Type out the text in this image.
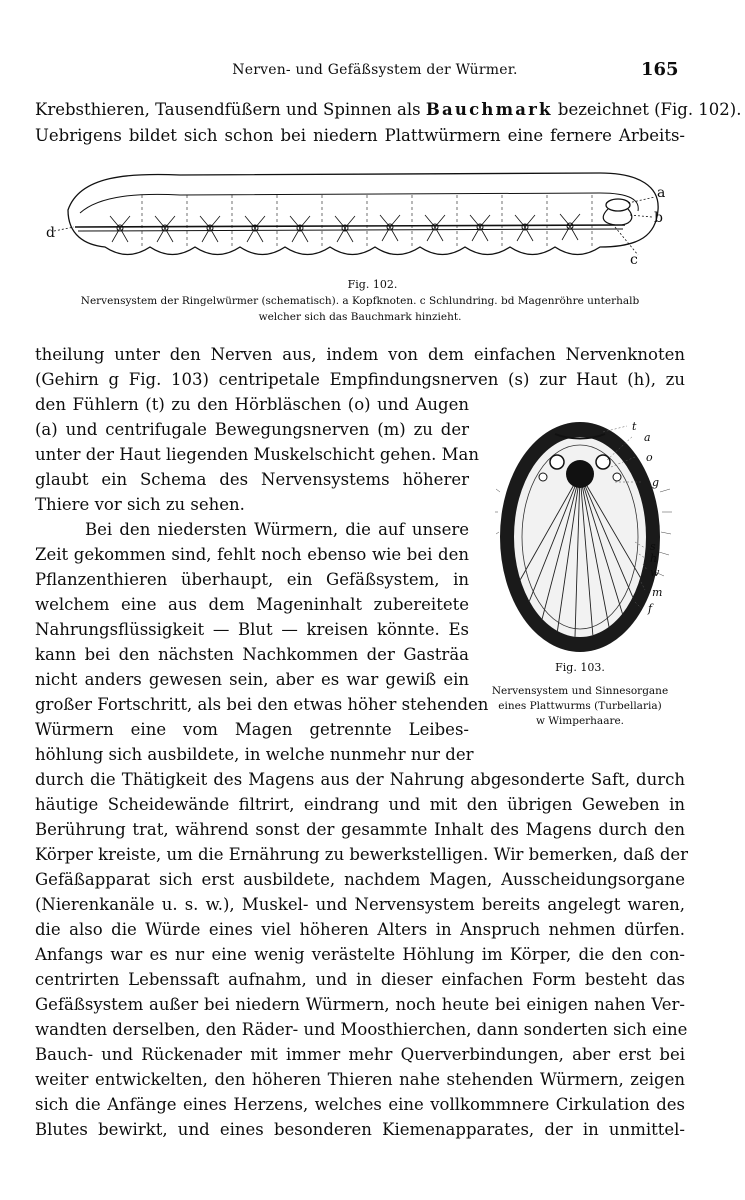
Nerven- und Gefäßsystem der Würmer.	165
Krebsthieren, Tausendfüßern und Spinnen als Bauchmark bezeichnet (Fig. 102).
Uebrigens bildet sich schon bei niedern Plattwürmern eine fernere Arbeits-
a
b
c
d
Fig. 102.
Nervensystem der Ringelwürmer (schematisch). a Kopfknoten. c Schlundring. bd Magenröhre unterhalb
welcher sich das Bauchmark hinzieht.
t
a
o
g
s
h
w
m
f
Fig. 103.
Nervensystem und Sinnesorgane
eines Plattwurms (Turbellaria)
w Wimperhaare.
theilung unter den Nerven aus, indem von dem einfachen Nervenknoten
(Gehirn g Fig. 103) centripetale Empfindungsnerven (s) zur Haut (h), zu
den Fühlern (t) zu den Hörbläschen (o) und Augen
(a) und centrifugale Bewegungsnerven (m) zu der
unter der Haut liegenden Muskelschicht gehen. Man
glaubt ein Schema des Nervensystems höherer
Thiere vor sich zu sehen.
Bei den niedersten Würmern, die auf unsere
Zeit gekommen sind, fehlt noch ebenso wie bei den
Pflanzenthieren überhaupt, ein Gefäßsystem, in
welchem eine aus dem Mageninhalt zubereitete
Nahrungsflüssigkeit — Blut — kreisen könnte. Es
kann bei den nächsten Nachkommen der Gasträa
nicht anders gewesen sein, aber es war gewiß ein
großer Fortschritt, als bei den etwas höher stehenden
Würmern eine vom Magen getrennte Leibes-
höhlung sich ausbildete, in welche nunmehr nur der
durch die Thätigkeit des Magens aus der Nahrung abgesonderte Saft, durch
häutige Scheidewände filtrirt, eindrang und mit den übrigen Geweben in
Berührung trat, während sonst der gesammte Inhalt des Magens durch den
Körper kreiste, um die Ernährung zu bewerkstelligen. Wir bemerken, daß der
Gefäßapparat sich erst ausbildete, nachdem Magen, Ausscheidungsorgane
(Nierenkanäle u. s. w.), Muskel- und Nervensystem bereits angelegt waren,
die also die Würde eines viel höheren Alters in Anspruch nehmen dürfen.
Anfangs war es nur eine wenig verästelte Höhlung im Körper, die den con-
centrirten Lebenssaft aufnahm, und in dieser einfachen Form besteht das
Gefäßsystem außer bei niedern Würmern, noch heute bei einigen nahen Ver-
wandten derselben, den Räder- und Moosthierchen, dann sonderten sich eine
Bauch- und Rückenader mit immer mehr Querverbindungen, aber erst bei
weiter entwickelten, den höheren Thieren nahe stehenden Würmern, zeigen
sich die Anfänge eines Herzens, welches eine vollkommnere Cirkulation des
Blutes bewirkt, und eines besonderen Kiemenapparates, der in unmittel-
